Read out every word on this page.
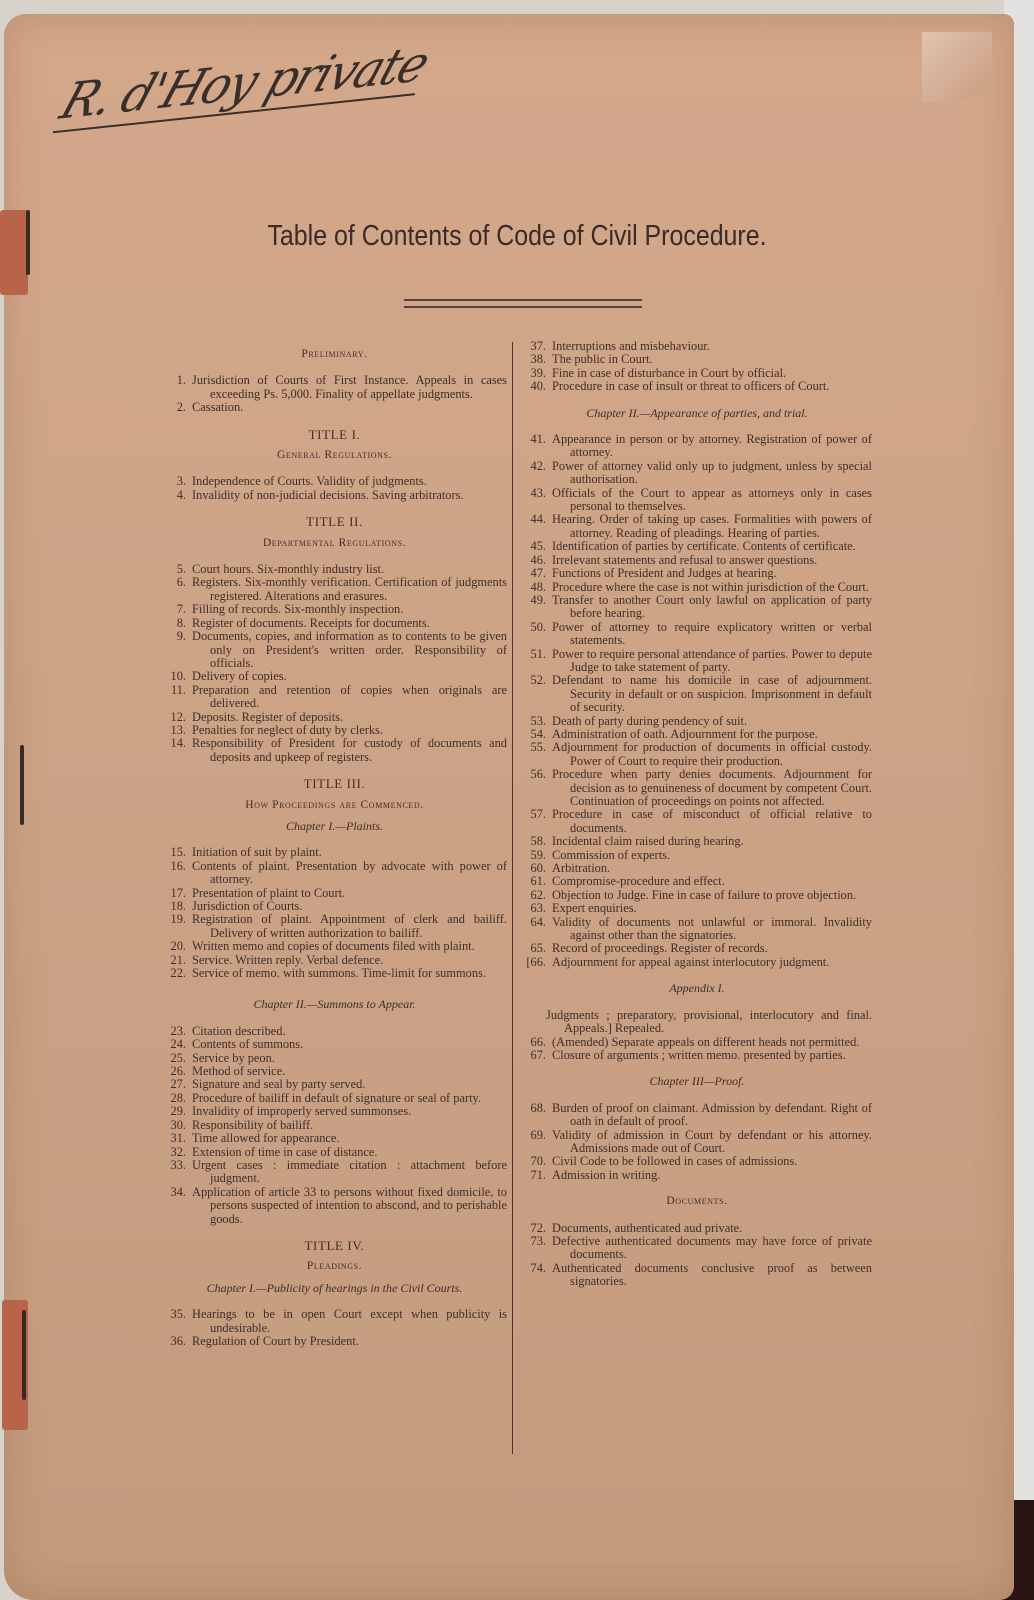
R. d'Hoy private
Table of Contents of Code of Civil Procedure.

Preliminary.

1. Jurisdiction of Courts of First Instance. Appeals in cases exceeding Ps. 5,000. Finality of appellate judgments.
2. Cassation.

TITLE I.

General Regulations.

3. Independence of Courts. Validity of judgments.
4. Invalidity of non-judicial decisions. Saving arbitrators.

TITLE II.

Departmental Regulations.

5. Court hours. Six-monthly industry list.
6. Registers. Six-monthly verification. Certification of judgments registered. Alterations and erasures.
7. Filling of records. Six-monthly inspection.
8. Register of documents. Receipts for documents.
9. Documents, copies, and information as to contents to be given only on President's written order. Responsibility of officials.
10. Delivery of copies.
11. Preparation and retention of copies when originals are delivered.
12. Deposits. Register of deposits.
13. Penalties for neglect of duty by clerks.
14. Responsibility of President for custody of documents and deposits and upkeep of registers.

TITLE III.

How Proceedings are Commenced.

Chapter I.—Plaints.

15. Initiation of suit by plaint.
16. Contents of plaint. Presentation by advocate with power of attorney.
17. Presentation of plaint to Court.
18. Jurisdiction of Courts.
19. Registration of plaint. Appointment of clerk and bailiff. Delivery of written authorization to bailiff.
20. Written memo and copies of documents filed with plaint.
21. Service. Written reply. Verbal defence.
22. Service of memo. with summons. Time-limit for summons.

Chapter II.—Summons to Appear.

23. Citation described.
24. Contents of summons.
25. Service by peon.
26. Method of service.
27. Signature and seal by party served.
28. Procedure of bailiff in default of signature or seal of party.
29. Invalidity of improperly served summonses.
30. Responsibility of bailiff.
31. Time allowed for appearance.
32. Extension of time in case of distance.
33. Urgent cases : immediate citation : attachment before judgment.
34. Application of article 33 to persons without fixed domicile, to persons suspected of intention to abscond, and to perishable goods.

TITLE IV.

Pleadings.

Chapter I.—Publicity of hearings in the Civil Courts.

35. Hearings to be in open Court except when publicity is undesirable.
36. Regulation of Court by President.
37. Interruptions and misbehaviour.
38. The public in Court.
39. Fine in case of disturbance in Court by official.
40. Procedure in case of insult or threat to officers of Court.

Chapter II.—Appearance of parties, and trial.

41. Appearance in person or by attorney. Registration of power of attorney.
42. Power of attorney valid only up to judgment, unless by special authorisation.
43. Officials of the Court to appear as attorneys only in cases personal to themselves.
44. Hearing. Order of taking up cases. Formalities with powers of attorney. Reading of pleadings. Hearing of parties.
45. Identification of parties by certificate. Contents of certificate.
46. Irrelevant statements and refusal to answer questions.
47. Functions of President and Judges at hearing.
48. Procedure where the case is not within jurisdiction of the Court.
49. Transfer to another Court only lawful on application of party before hearing.
50. Power of attorney to require explicatory written or verbal statements.
51. Power to require personal attendance of parties. Power to depute Judge to take statement of party.
52. Defendant to name his domicile in case of adjournment. Security in default or on suspicion. Imprisonment in default of security.
53. Death of party during pendency of suit.
54. Administration of oath. Adjournment for the purpose.
55. Adjournment for production of documents in official custody. Power of Court to require their production.
56. Procedure when party denies documents. Adjournment for decision as to genuineness of document by competent Court. Continuation of proceedings on points not affected.
57. Procedure in case of misconduct of official relative to documents.
58. Incidental claim raised during hearing.
59. Commission of experts.
60. Arbitration.
61. Compromise-procedure and effect.
62. Objection to Judge. Fine in case of failure to prove objection.
63. Expert enquiries.
64. Validity of documents not unlawful or immoral. Invalidity against other than the signatories.
65. Record of proceedings. Register of records.
[66. Adjournment for appeal against interlocutory judgment.

Appendix I.

Judgments ; preparatory, provisional, interlocutory and final. Appeals.] Repealed.
66. (Amended) Separate appeals on different heads not permitted.
67. Closure of arguments ; written memo. presented by parties.

Chapter III—Proof.

68. Burden of proof on claimant. Admission by defendant. Right of oath in default of proof.
69. Validity of admission in Court by defendant or his attorney. Admissions made out of Court.
70. Civil Code to be followed in cases of admissions.
71. Admission in writing.

Documents.

72. Documents, authenticated aud private.
73. Defective authenticated documents may have force of private documents.
74. Authenticated documents conclusive proof as between signatories.
